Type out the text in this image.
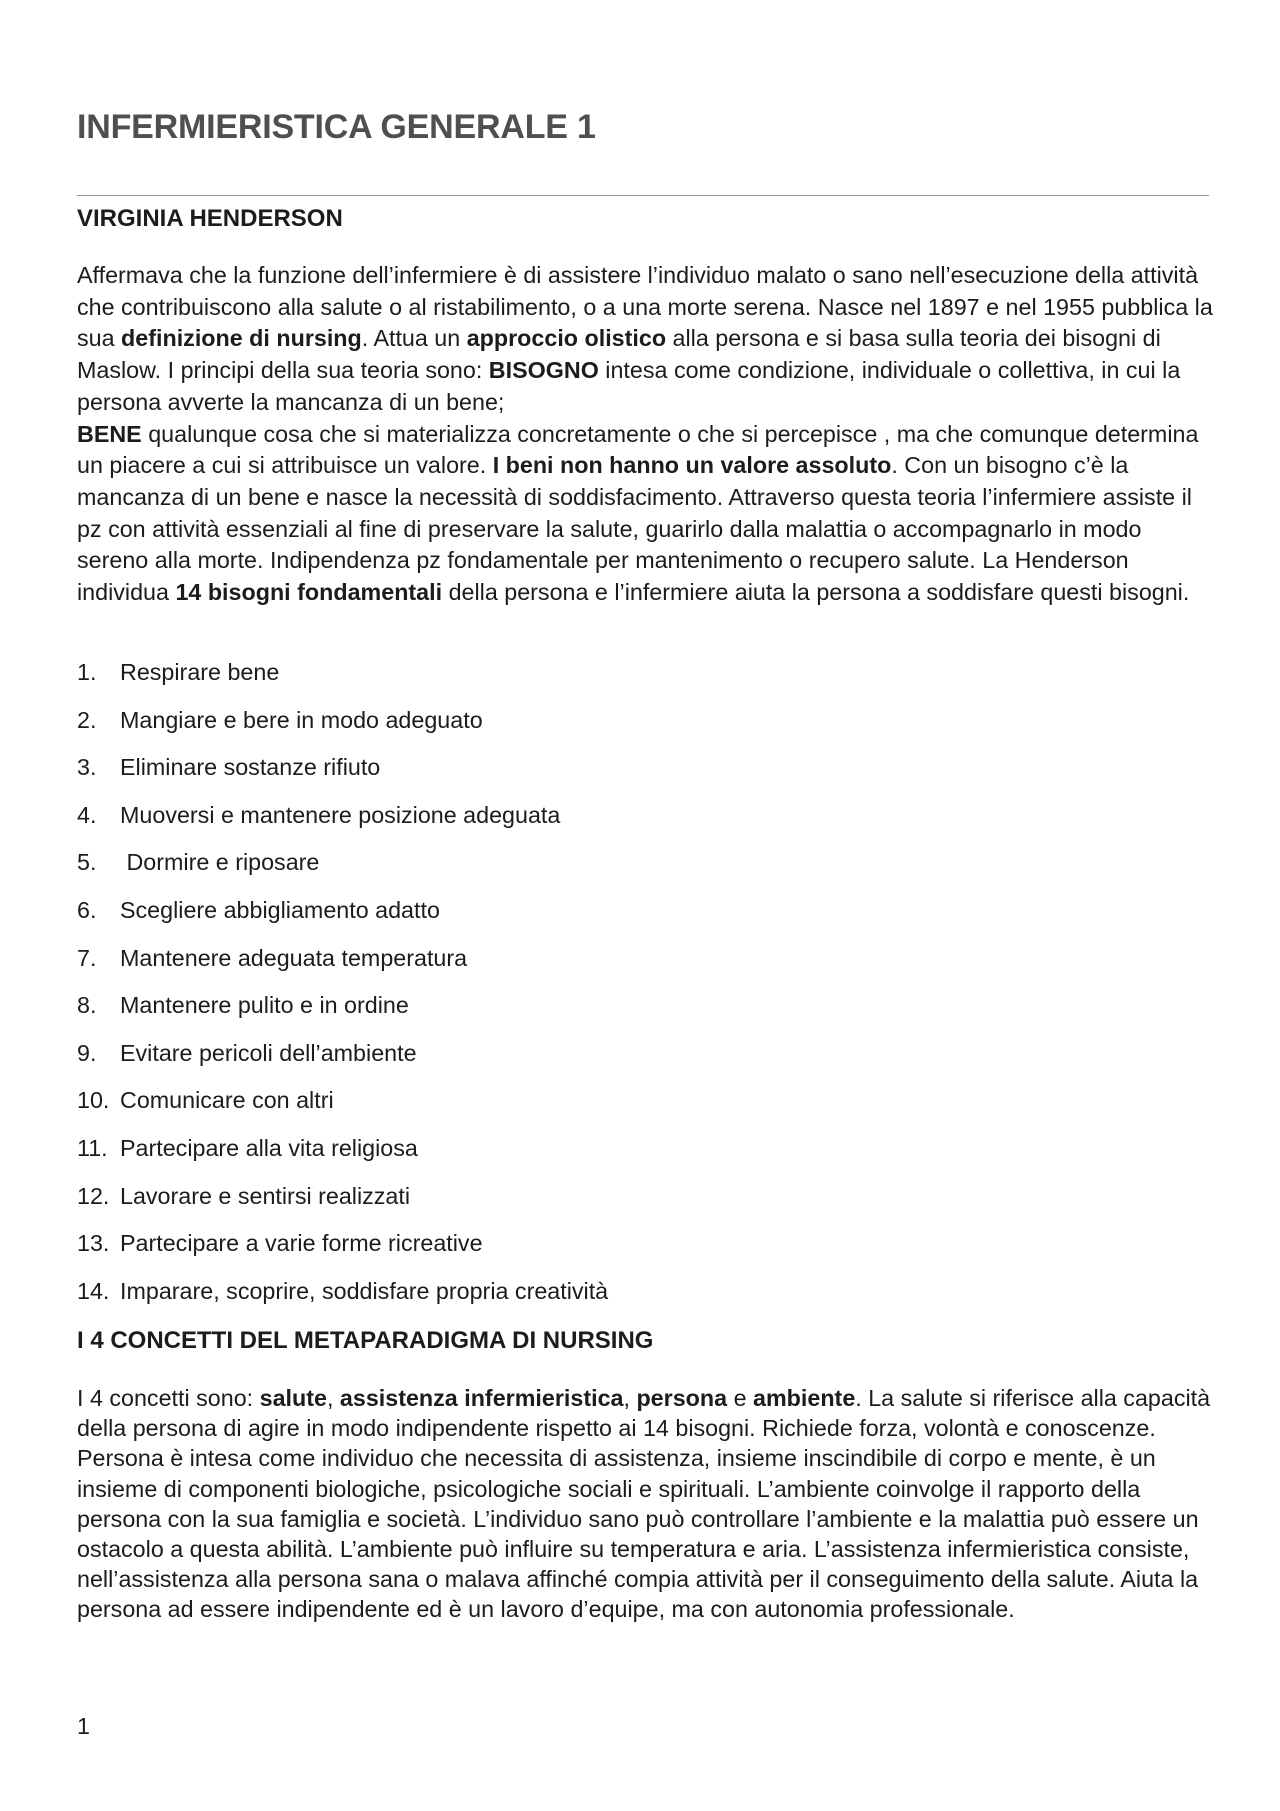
INFERMIERISTICA GENERALE 1
VIRGINIA HENDERSON

Affermava che la funzione dell’infermiere è di assistere l’individuo malato o sano nell’esecuzione della attività che contribuiscono alla salute o al ristabilimento, o a una morte serena. Nasce nel 1897 e nel 1955 pubblica la sua definizione di nursing. Attua un approccio olistico alla persona e si basa sulla teoria dei bisogni di Maslow. I principi della sua teoria sono: BISOGNO intesa come condizione, individuale o collettiva, in cui la persona avverte la mancanza di un bene;
BENE qualunque cosa che si materializza concretamente o che si percepisce , ma che comunque determina un piacere a cui si attribuisce un valore. I beni non hanno un valore assoluto. Con un bisogno c’è la mancanza di un bene e nasce la necessità di soddisfacimento. Attraverso questa teoria l’infermiere assiste il pz con attività essenziali al fine di preservare la salute, guarirlo dalla malattia o accompagnarlo in modo sereno alla morte. Indipendenza pz fondamentale per mantenimento o recupero salute. La Henderson individua 14 bisogni fondamentali della persona e l’infermiere aiuta la persona a soddisfare questi bisogni.

1. Respirare bene
2. Mangiare e bere in modo adeguato
3. Eliminare sostanze rifiuto
4. Muoversi e mantenere posizione adeguata
5. Dormire e riposare
6. Scegliere abbigliamento adatto
7. Mantenere adeguata temperatura
8. Mantenere pulito e in ordine
9. Evitare pericoli dell’ambiente
10. Comunicare con altri
11. Partecipare alla vita religiosa
12. Lavorare e sentirsi realizzati
13. Partecipare a varie forme ricreative
14. Imparare, scoprire, soddisfare propria creatività
I 4 CONCETTI DEL METAPARADIGMA DI NURSING

I 4 concetti sono: salute, assistenza infermieristica, persona e ambiente. La salute si riferisce alla capacità della persona di agire in modo indipendente rispetto ai 14 bisogni. Richiede forza, volontà e conoscenze. Persona è intesa come individuo che necessita di assistenza, insieme inscindibile di corpo e mente, è un insieme di componenti biologiche, psicologiche sociali e spirituali. L’ambiente coinvolge il rapporto della persona con la sua famiglia e società. L’individuo sano può controllare l’ambiente e la malattia può essere un ostacolo a questa abilità. L’ambiente può influire su temperatura e aria. L’assistenza infermieristica consiste, nell’assistenza alla persona sana o malava affinché compia attività per il conseguimento della salute. Aiuta la persona ad essere indipendente ed è un lavoro d’equipe, ma con autonomia professionale.

1
